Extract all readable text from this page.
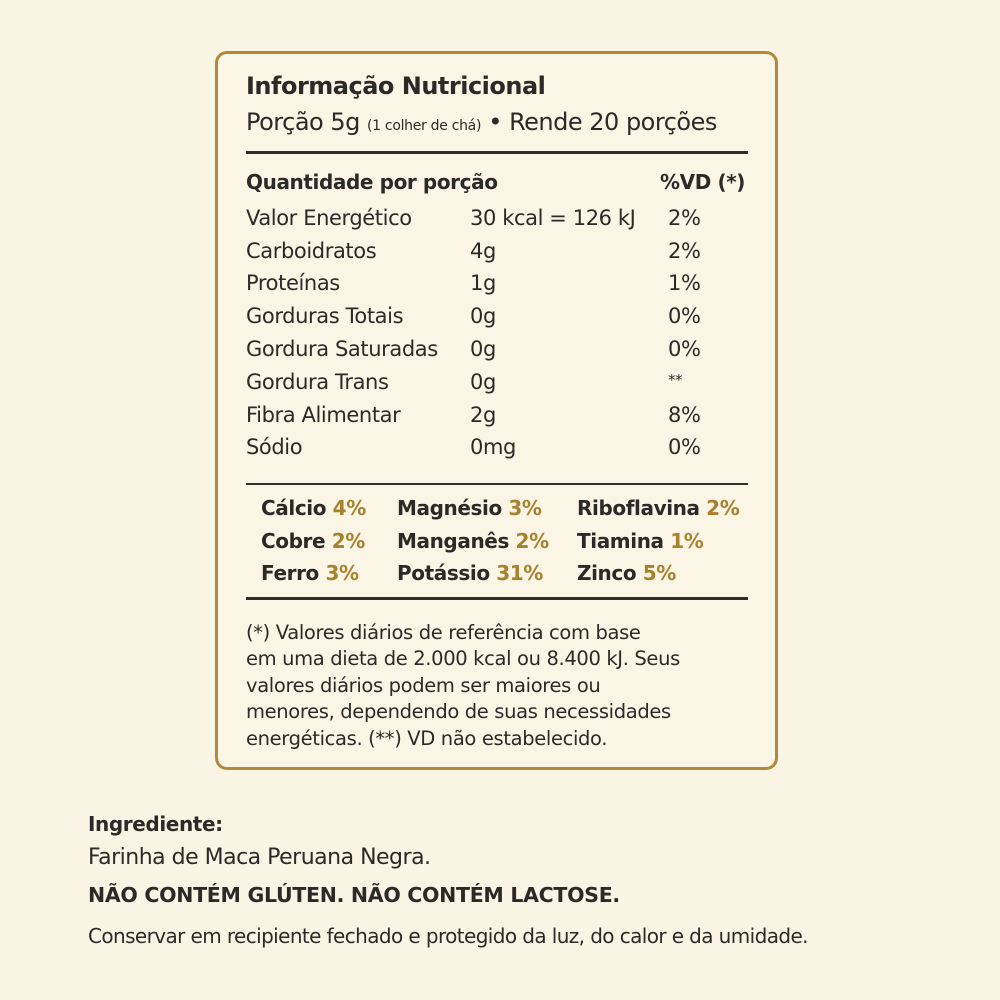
Informação Nutricional
Porção 5g (1 colher de chá) • Rende 20 porções
Quantidade por porção	%VD (*)
Valor Energético	30 kcal = 126 kJ 2%
Carboidratos	4g	2%
Proteínas	1g	1%
Gorduras Totais	0g	0%
Gordura Saturadas 0g	0%
Gordura Trans	0g	**
Fibra Alimentar	2g	8%
Sódio	0mg	0%
Cálcio 4% Magnésio 3% Riboflavina 2%
Cobre 2% Manganês 2% Tiamina 1%
Ferro 3% Potássio 31% Zinco 5%
(*) Valores diários de referência com base
em uma dieta de 2.000 kcal ou 8.400 kJ. Seus
valores diários podem ser maiores ou
menores, dependendo de suas necessidades
energéticas. (**) VD não estabelecido.
Ingrediente:
Farinha de Maca Peruana Negra.
NÃO CONTÉM GLÚTEN. NÃO CONTÉM LACTOSE.
Conservar em recipiente fechado e protegido da luz, do calor e da umidade.
